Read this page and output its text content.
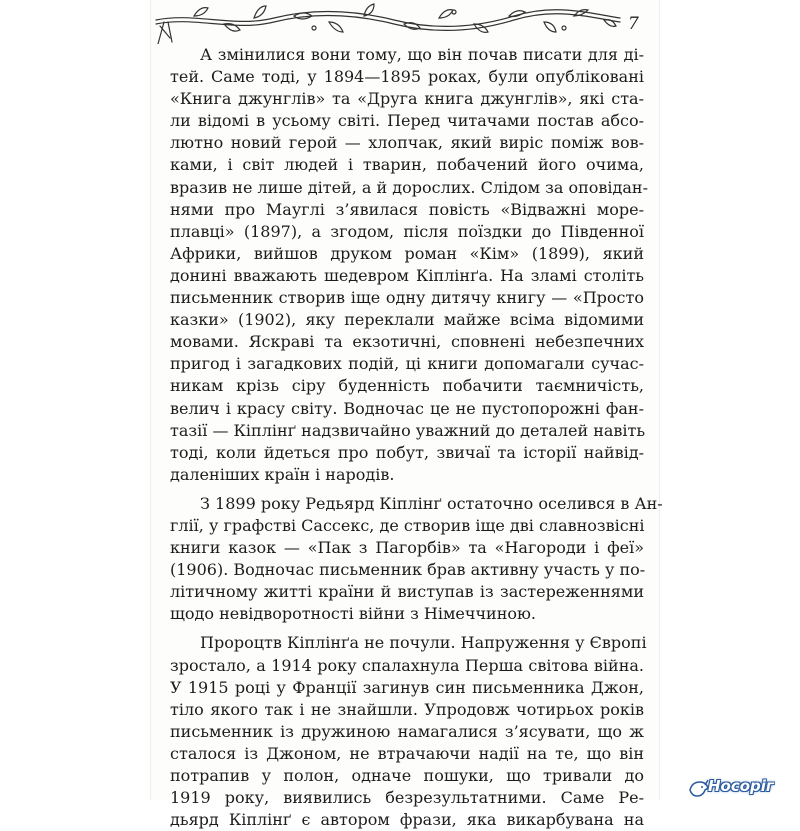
7
А змінилися вони тому, що він почав писати для ді-
тей. Саме тоді, у 1894—1895 роках, були опубліковані
«Книга джунглів» та «Друга книга джунглів», які ста-
ли відомі в усьому світі. Перед читачами постав абсо-
лютно новий герой — хлопчак, який виріс поміж вов-
ками, і світ людей і тварин, побачений його очима,
вразив не лише дітей, а й дорослих. Слідом за оповідан-
нями про Мауглі з’явилася повість «Відважні море-
плавці» (1897), а згодом, після поїздки до Південної
Африки, вийшов друком роман «Кім» (1899), який
донині вважають шедевром Кіплінґа. На зламі століть
письменник створив іще одну дитячу книгу — «Просто
казки» (1902), яку переклали майже всіма відомими
мовами. Яскраві та екзотичні, сповнені небезпечних
пригод і загадкових подій, ці книги допомагали сучас-
никам крізь сіру буденність побачити таємничість,
велич і красу світу. Водночас це не пустопорожні фан-
тазії — Кіплінґ надзвичайно уважний до деталей навіть
тоді, коли йдеться про побут, звичаї та історії найвід-
даленіших країн і народів.
З 1899 року Редьярд Кіплінґ остаточно оселився в Ан-
глії, у графстві Сассекс, де створив іще дві славнозвісні
книги казок — «Пак з Пагорбів» та «Нагороди і феї»
(1906). Водночас письменник брав активну участь у по-
літичному житті країни й виступав із застереженнями
щодо невідворотності війни з Німеччиною.
Пророцтв Кіплінґа не почули. Напруження у Європі
зростало, а 1914 року спалахнула Перша світова війна.
У 1915 році у Франції загинув син письменника Джон,
тіло якого так і не знайшли. Упродовж чотирьох років
письменник із дружиною намагалися з’ясувати, що ж
сталося із Джоном, не втрачаючи надії на те, що він
потрапив у полон, одначе пошуки, що тривали до
1919 року, виявились безрезультатними. Саме Ре-
дьярд Кіплінґ є автором фрази, яка викарбувана на
Носоріг
